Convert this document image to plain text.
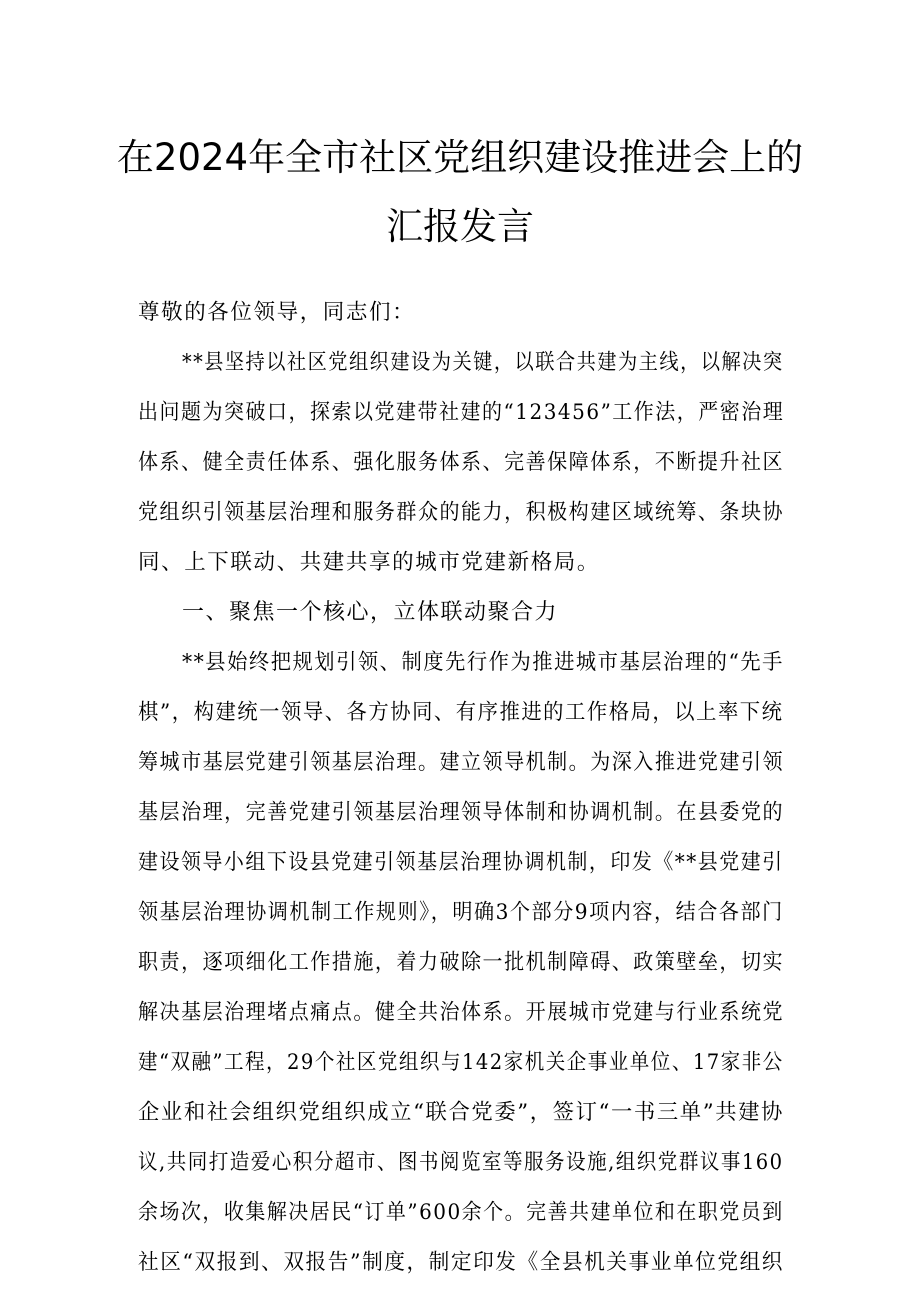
在2024年全市社区党组织建设推进会上的
汇报发言
尊敬的各位领导，同志们：
**县坚持以社区党组织建设为关键，以联合共建为主线，以解决突
出问题为突破口，探索以党建带社建的“123456”工作法，严密治理
体系、健全责任体系、强化服务体系、完善保障体系，不断提升社区
党组织引领基层治理和服务群众的能力，积极构建区域统筹、条块协
同、上下联动、共建共享的城市党建新格局。
一、聚焦一个核心，立体联动聚合力
**县始终把规划引领、制度先行作为推进城市基层治理的“先手
棋”，构建统一领导、各方协同、有序推进的工作格局，以上率下统
筹城市基层党建引领基层治理。建立领导机制。为深入推进党建引领
基层治理，完善党建引领基层治理领导体制和协调机制。在县委党的
建设领导小组下设县党建引领基层治理协调机制，印发《**县党建引
领基层治理协调机制工作规则》，明确3个部分9项内容，结合各部门
职责，逐项细化工作措施，着力破除一批机制障碍、政策壁垒，切实
解决基层治理堵点痛点。健全共治体系。开展城市党建与行业系统党
建“双融”工程，29个社区党组织与142家机关企事业单位、17家非公
企业和社会组织党组织成立“联合党委”，签订“一书三单”共建协
议,共同打造爱心积分超市、图书阅览室等服务设施,组织党群议事160
余场次，收集解决居民“订单”600余个。完善共建单位和在职党员到
社区“双报到、双报告”制度，制定印发《全县机关事业单位党组织
